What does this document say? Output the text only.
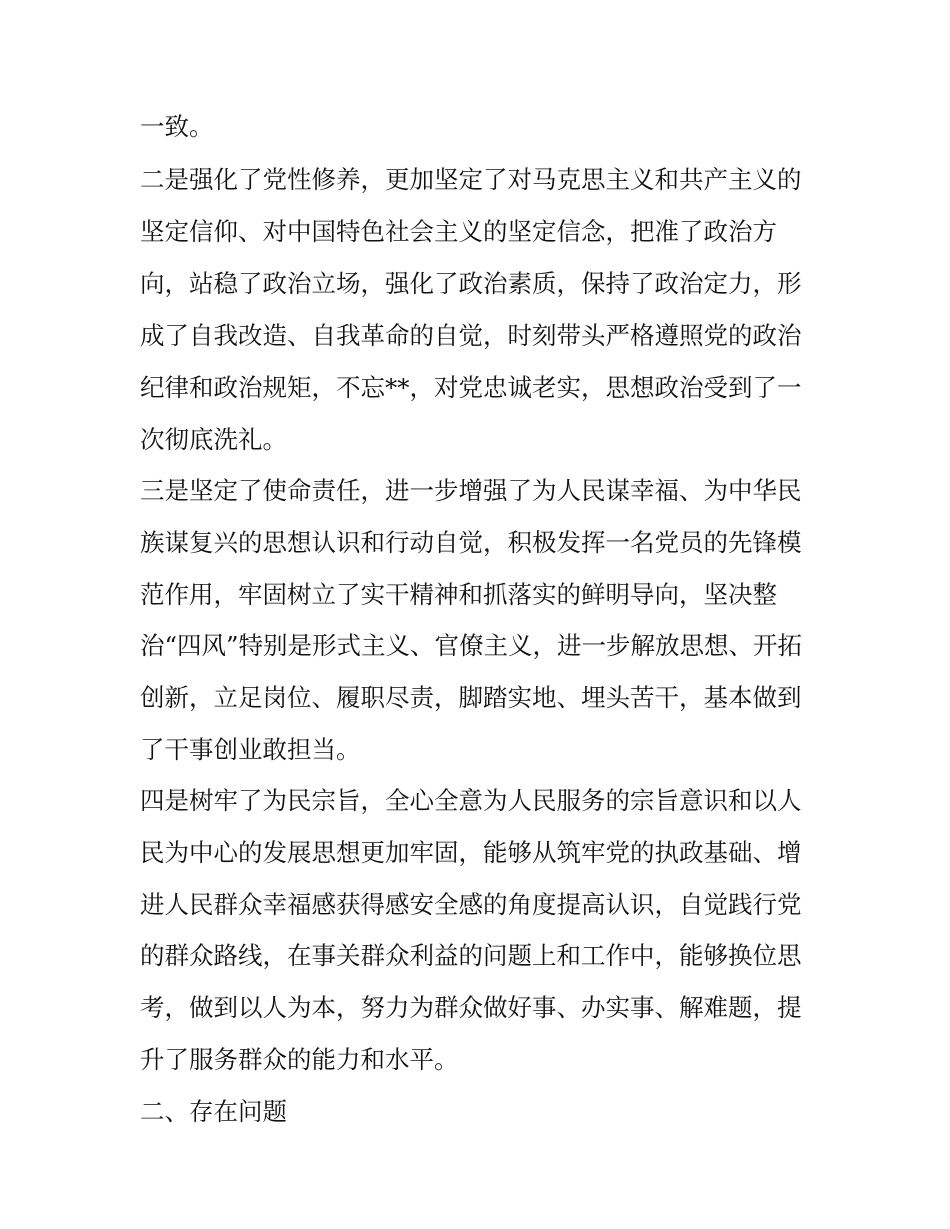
一致。
二是强化了党性修养，更加坚定了对马克思主义和共产主义的
坚定信仰、对中国特色社会主义的坚定信念，把准了政治方
向，站稳了政治立场，强化了政治素质，保持了政治定力，形
成了自我改造、自我革命的自觉，时刻带头严格遵照党的政治
纪律和政治规矩，不忘**，对党忠诚老实，思想政治受到了一
次彻底洗礼。
三是坚定了使命责任，进一步增强了为人民谋幸福、为中华民
族谋复兴的思想认识和行动自觉，积极发挥一名党员的先锋模
范作用，牢固树立了实干精神和抓落实的鲜明导向，坚决整
治“四风”特别是形式主义、官僚主义，进一步解放思想、开拓
创新，立足岗位、履职尽责，脚踏实地、埋头苦干，基本做到
了干事创业敢担当。
四是树牢了为民宗旨，全心全意为人民服务的宗旨意识和以人
民为中心的发展思想更加牢固，能够从筑牢党的执政基础、增
进人民群众幸福感获得感安全感的角度提高认识，自觉践行党
的群众路线，在事关群众利益的问题上和工作中，能够换位思
考，做到以人为本，努力为群众做好事、办实事、解难题，提
升了服务群众的能力和水平。
二、存在问题
